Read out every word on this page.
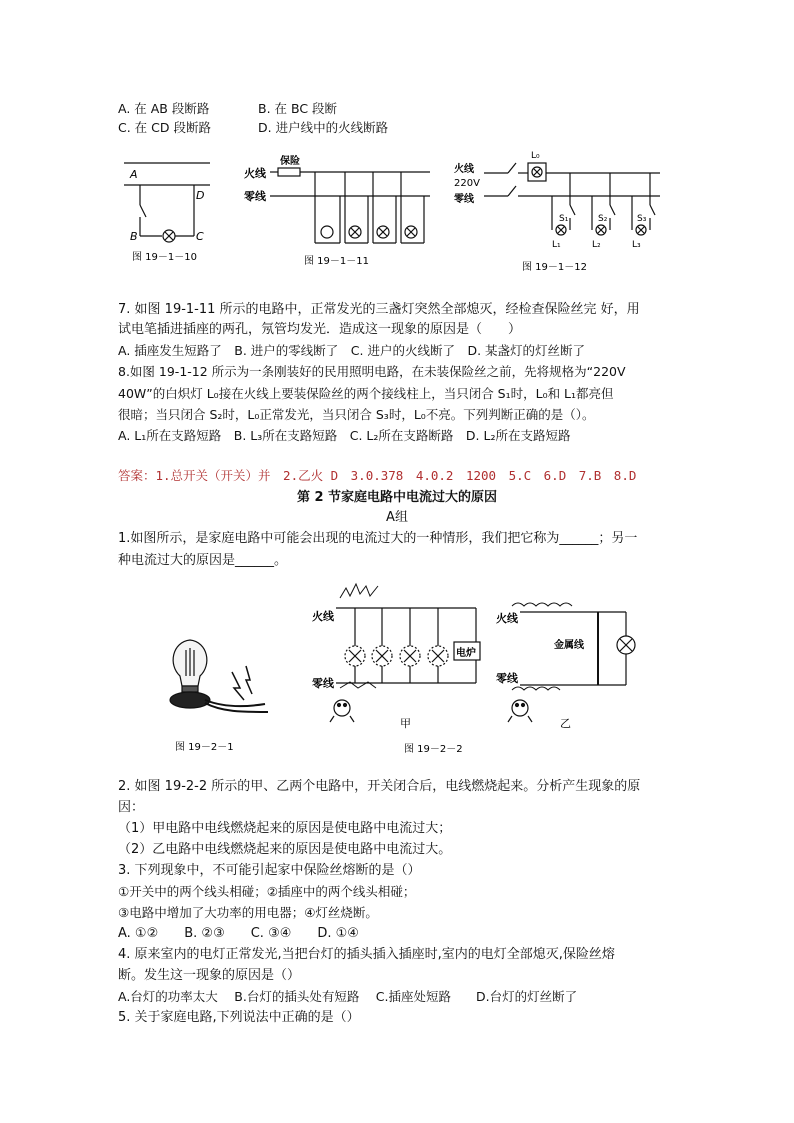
A. 在 AB 段断路	B. 在 BC 段断
C. 在 CD 段断路	D. 进户线中的火线断路
A
D
B	C
图 19－1－10
火线
保险
零线
图 19－1－11
火线
220V
零线
L₀
S₁	S₂	S₃
L₁	L₂	L₃
图 19－1－12
图 19－2－1
火线
零线
电炉
甲
火线
零线
金属线
乙
图 19－2－2
7. 如图 19-1-11 所示的电路中，正常发光的三盏灯突然全部熄灭，经检查保险丝完 好，用
试电笔插进插座的两孔，氖管均发光．造成这一现象的原因是（　　）
A. 插座发生短路了　B. 进户的零线断了　C. 进户的火线断了　D. 某盏灯的灯丝断了
8.如图 19-1-12 所示为一条刚装好的民用照明电路，在未装保险丝之前，先将规格为“220V
40W”的白炽灯 L₀接在火线上要装保险丝的两个接线柱上，当只闭合 S₁时，L₀和 L₁都亮但
很暗；当只闭合 S₂时，L₀正常发光，当只闭合 S₃时，L₀不亮。下列判断正确的是（）。
A. L₁所在支路短路　B. L₃所在支路短路　C. L₂所在支路断路　D. L₂所在支路短路
答案：1.总开关（开关）并　2.乙火 D　3.0.378　4.0.2　1200　5.C　6.D　7.B　8.D
第 2 节家庭电路中电流过大的原因
A组
1.如图所示，是家庭电路中可能会出现的电流过大的一种情形，我们把它称为______；另一
种电流过大的原因是______。
2. 如图 19-2-2 所示的甲、乙两个电路中，开关闭合后，电线燃烧起来。分析产生现象的原
因：
（1）甲电路中电线燃烧起来的原因是使电路中电流过大；
（2）乙电路中电线燃烧起来的原因是使电路中电流过大。
3. 下列现象中，不可能引起家中保险丝熔断的是（）
①开关中的两个线头相碰；②插座中的两个线头相碰；
③电路中增加了大功率的用电器；④灯丝烧断。
A. ①②　　B. ②③　　C. ③④　　D. ①④
4. 原来室内的电灯正常发光,当把台灯的插头插入插座时,室内的电灯全部熄灭,保险丝熔
断。发生这一现象的原因是（）
A.台灯的功率太大　 B.台灯的插头处有短路　 C.插座处短路　　D.台灯的灯丝断了
5. 关于家庭电路,下列说法中正确的是（）
